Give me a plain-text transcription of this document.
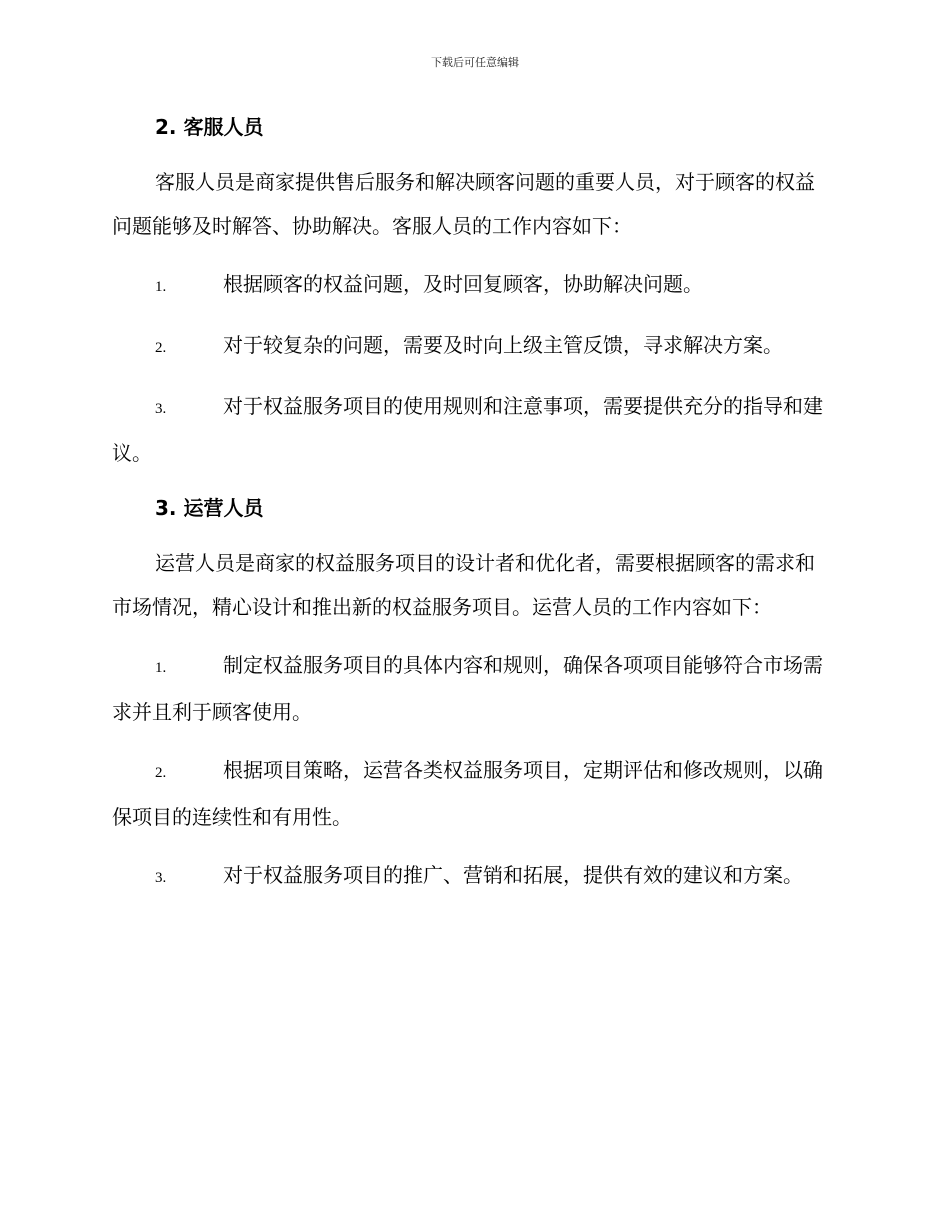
下载后可任意编辑
2. 客服人员
客服人员是商家提供售后服务和解决顾客问题的重要人员，对于顾客的权益问题能够及时解答、协助解决。客服人员的工作内容如下：
1.	根据顾客的权益问题，及时回复顾客，协助解决问题。
2.	对于较复杂的问题，需要及时向上级主管反馈，寻求解决方案。
3.	对于权益服务项目的使用规则和注意事项，需要提供充分的指导和建议。
3. 运营人员
运营人员是商家的权益服务项目的设计者和优化者，需要根据顾客的需求和市场情况，精心设计和推出新的权益服务项目。运营人员的工作内容如下：
1.	制定权益服务项目的具体内容和规则，确保各项项目能够符合市场需求并且利于顾客使用。
2.	根据项目策略，运营各类权益服务项目，定期评估和修改规则，以确保项目的连续性和有用性。
3.	对于权益服务项目的推广、营销和拓展，提供有效的建议和方案。
